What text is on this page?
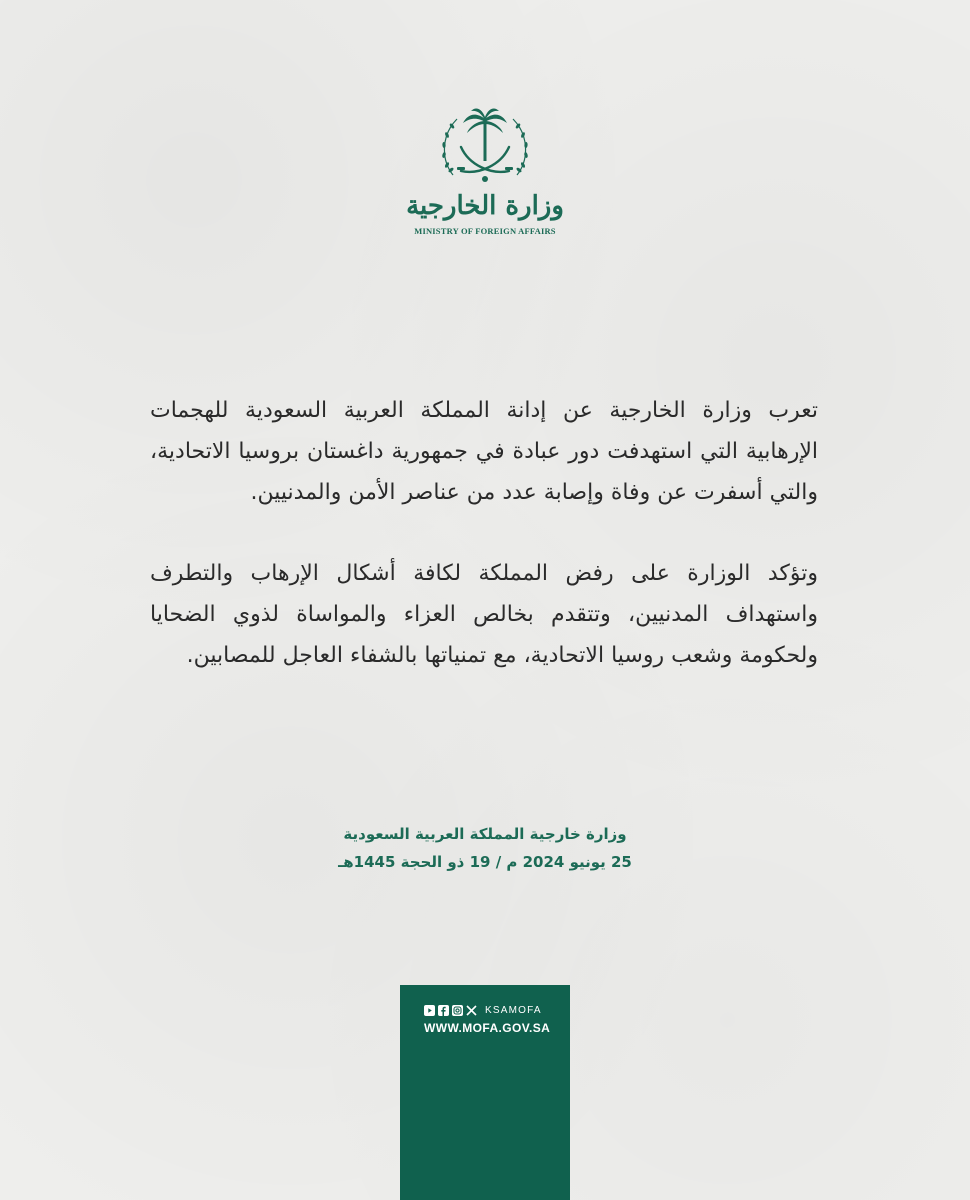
وزارة الخارجية
MINISTRY OF FOREIGN AFFAIRS

تعرب وزارة الخارجية عن إدانة المملكة العربية السعودية للهجمات الإرهابية التي استهدفت دور عبادة في جمهورية داغستان بروسيا الاتحادية، والتي أسفرت عن وفاة وإصابة عدد من عناصر الأمن والمدنيين.

وتؤكد الوزارة على رفض المملكة لكافة أشكال الإرهاب والتطرف واستهداف المدنيين، وتتقدم بخالص العزاء والمواساة لذوي الضحايا ولحكومة وشعب روسيا الاتحادية، مع تمنياتها بالشفاء العاجل للمصابين.

وزارة خارجية المملكة العربية السعودية
25 يونيو 2024 م / 19 ذو الحجة 1445هـ
KSAMOFA
WWW.MOFA.GOV.SA
